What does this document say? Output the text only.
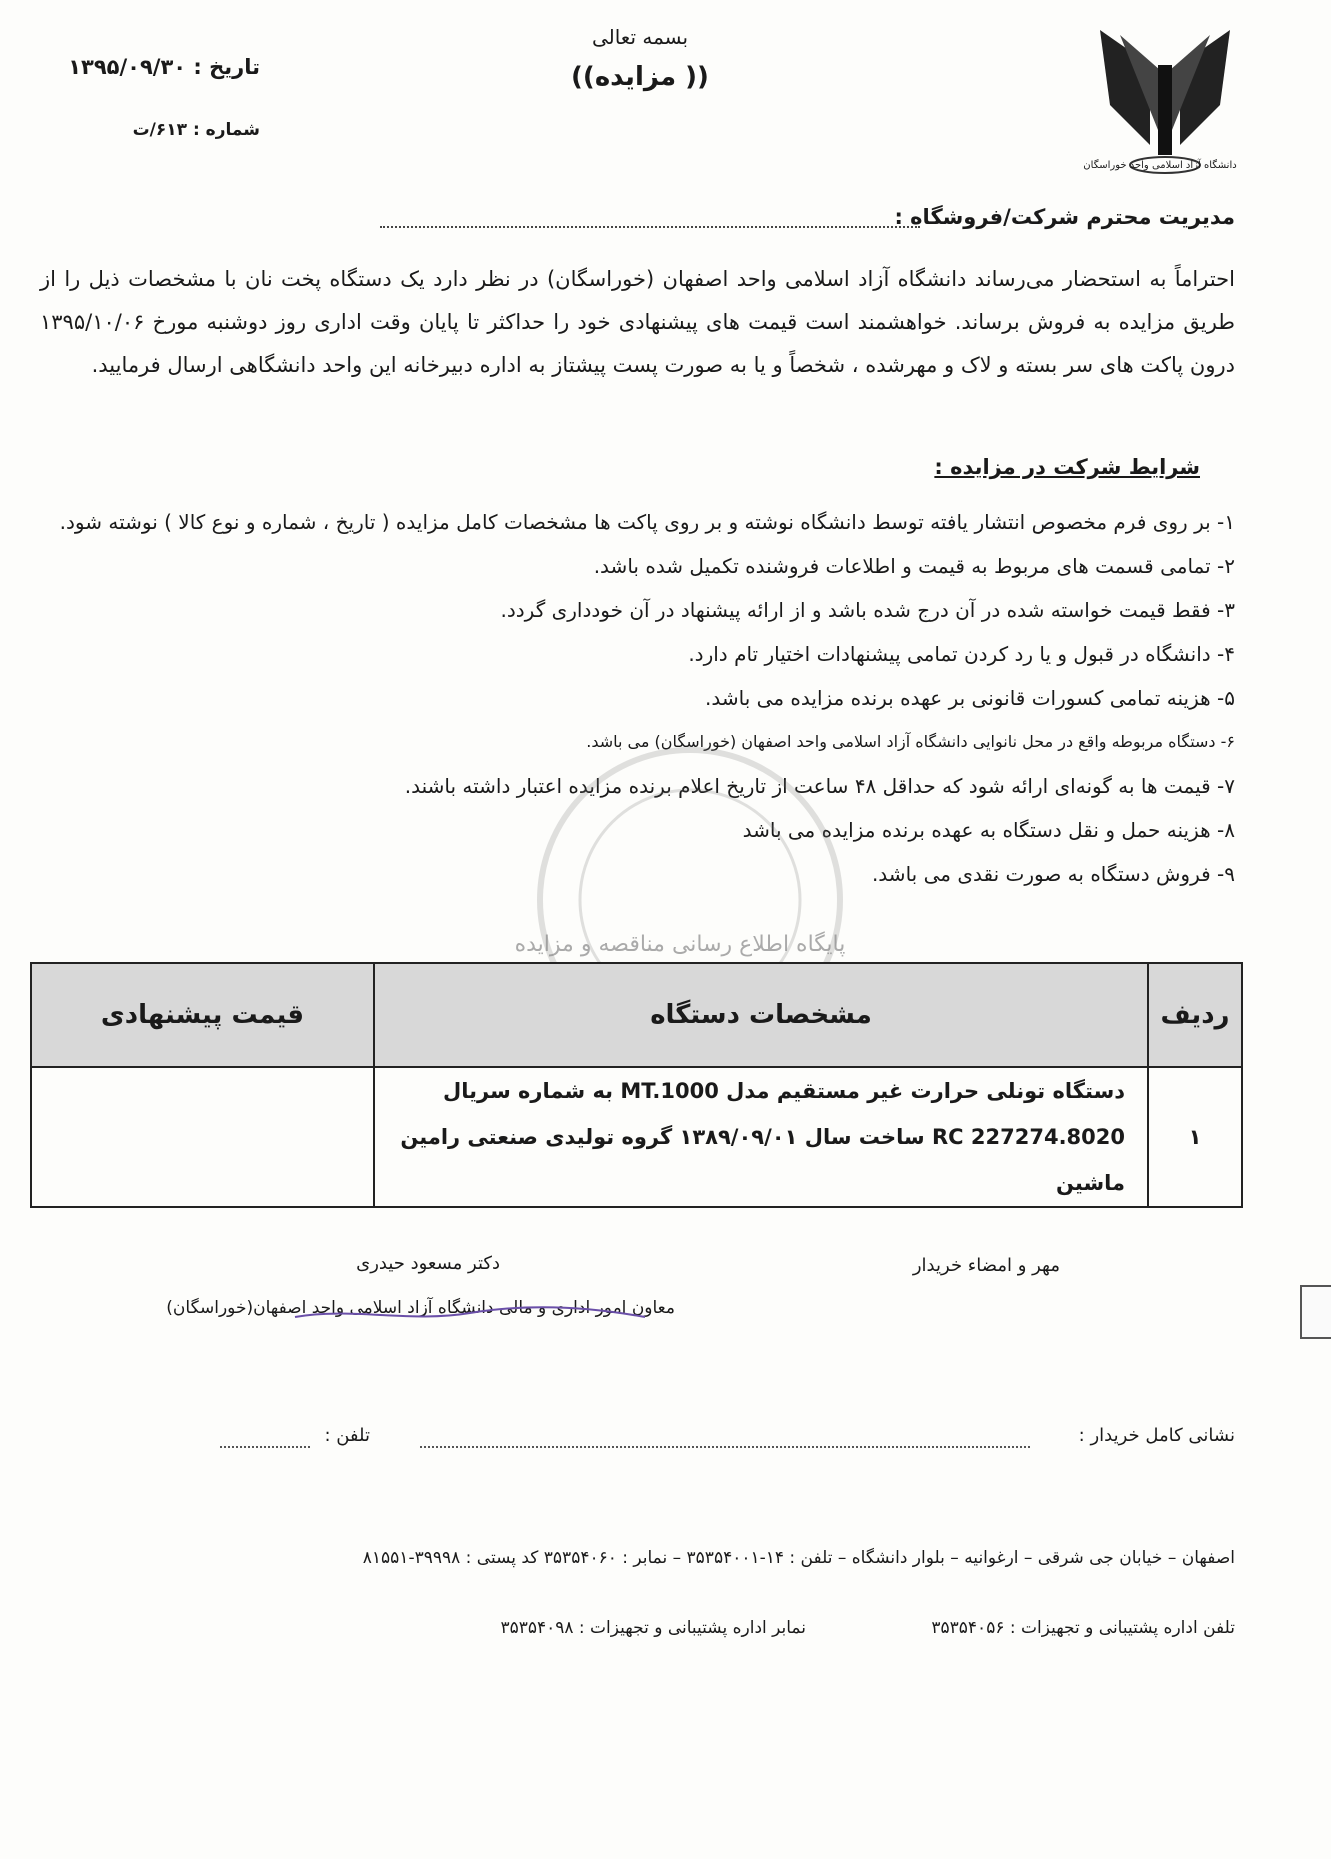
دانشگاه آزاد اسلامی واحد خوراسگان
بسمه تعالی
(( مزایده))
تاریخ : ۱۳۹۵/۰۹/۳۰
شماره : ۶۱۳/ت
مدیریت محترم شرکت/فروشگاه :
احتراماً به استحضار می‌رساند دانشگاه آزاد اسلامی واحد اصفهان (خوراسگان) در نظر دارد یک دستگاه پخت نان با مشخصات ذیل را از طریق مزایده به فروش برساند. خواهشمند است قیمت های پیشنهادی خود را حداکثر تا پایان وقت اداری روز دوشنبه مورخ ۱۳۹۵/۱۰/۰۶ درون پاکت های سر بسته و لاک و مهرشده ، شخصاً و یا به صورت پست پیشتاز به اداره دبیرخانه این واحد دانشگاهی ارسال فرمایید.
شرایط شرکت در مزایده :
۱- بر روی فرم مخصوص انتشار یافته توسط دانشگاه نوشته و بر روی پاکت ها مشخصات کامل مزایده ( تاریخ ، شماره و نوع کالا ) نوشته شود.
۲- تمامی قسمت های مربوط به قیمت و اطلاعات فروشنده تکمیل شده باشد.
۳- فقط قیمت خواسته شده در آن درج شده باشد و از ارائه پیشنهاد در آن خودداری گردد.
۴- دانشگاه در قبول و یا رد کردن تمامی پیشنهادات اختیار تام دارد.
۵- هزینه تمامی کسورات قانونی بر عهده برنده مزایده می باشد.
۶- دستگاه مربوطه واقع در محل نانوایی دانشگاه آزاد اسلامی واحد اصفهان (خوراسگان) می باشد.
۷- قیمت ها به گونه‌ای ارائه شود که حداقل ۴۸ ساعت از تاریخ اعلام برنده مزایده اعتبار داشته باشند.
۸- هزینه حمل و نقل دستگاه به عهده برنده مزایده می باشد
۹- فروش دستگاه به صورت نقدی می باشد.
پایگاه اطلاع رسانی مناقصه و مزایده
ردیف	مشخصات دستگاه	قیمت پیشنهادی
۱	دستگاه تونلی حرارت غیر مستقیم مدل MT.1000 به شماره سریال
RC 227274.8020 ساخت سال ۱۳۸۹/۰۹/۰۱ گروه تولیدی صنعتی رامین ماشین	

مهر و امضاء خریدار
دکتر مسعود حیدری
معاون امور اداری و مالی دانشگاه آزاد اسلامی واحد اصفهان(خوراسگان)
نشانی کامل خریدار :
تلفن :
اصفهان – خیابان جی شرقی – ارغوانیه – بلوار دانشگاه – تلفن : ۱۴-۳۵۳۵۴۰۰۱ – نمابر : ۳۵۳۵۴۰۶۰ کد پستی : ۳۹۹۹۸-۸۱۵۵۱
تلفن اداره پشتیبانی و تجهیزات : ۳۵۳۵۴۰۵۶ نمابر اداره پشتیبانی و تجهیزات : ۳۵۳۵۴۰۹۸
